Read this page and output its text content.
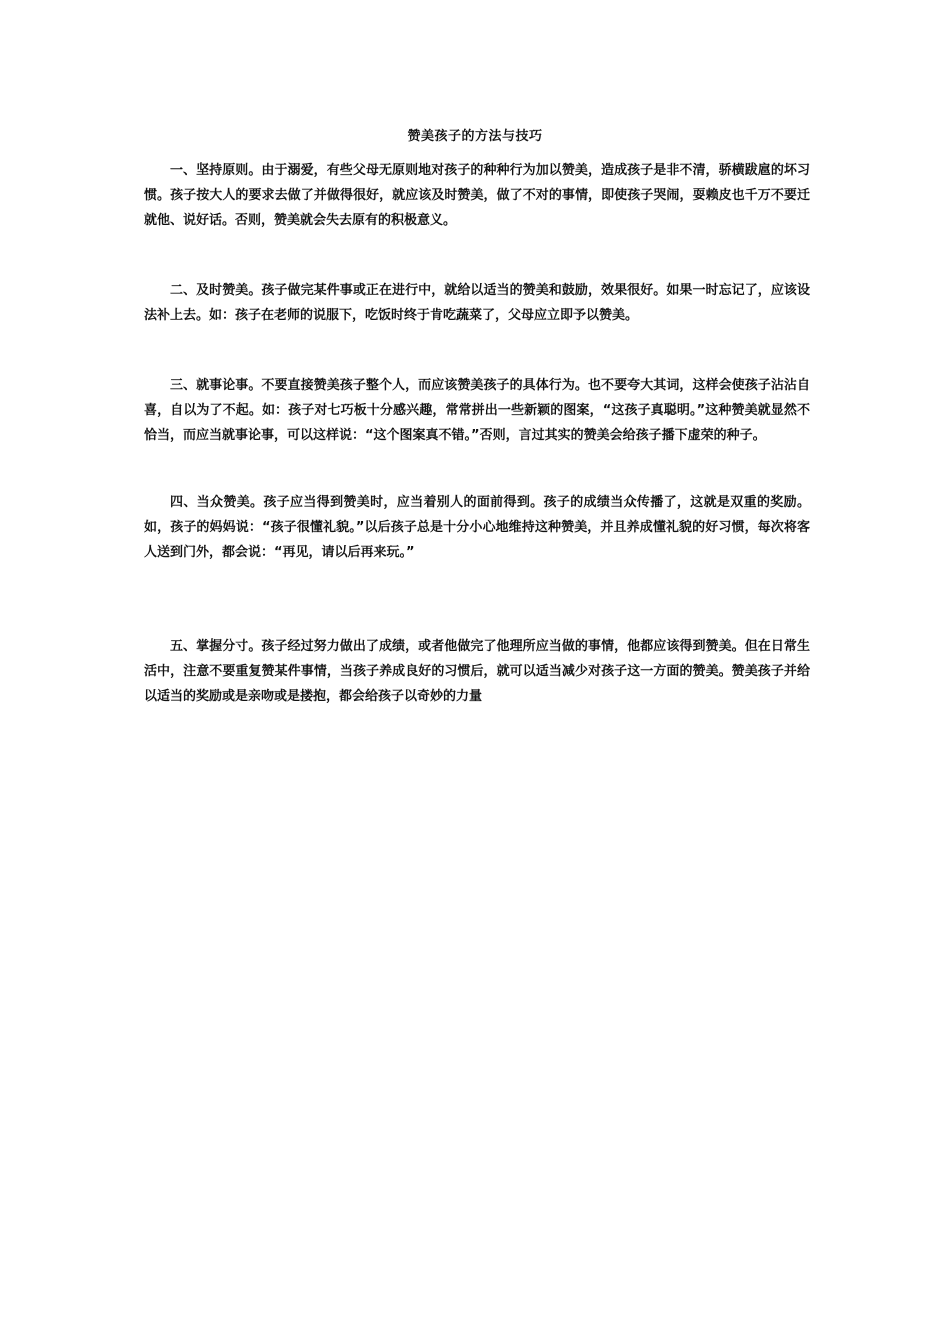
赞美孩子的方法与技巧

一、坚持原则。由于溺爱，有些父母无原则地对孩子的种种行为加以赞美，造成孩子是非不清，骄横跋扈的坏习惯。孩子按大人的要求去做了并做得很好，就应该及时赞美，做了不对的事情，即使孩子哭闹，耍赖皮也千万不要迁就他、说好话。否则，赞美就会失去原有的积极意义。

二、及时赞美。孩子做完某件事或正在进行中，就给以适当的赞美和鼓励，效果很好。如果一时忘记了，应该设法补上去。如：孩子在老师的说服下，吃饭时终于肯吃蔬菜了，父母应立即予以赞美。

三、就事论事。不要直接赞美孩子整个人，而应该赞美孩子的具体行为。也不要夸大其词，这样会使孩子沾沾自喜，自以为了不起。如：孩子对七巧板十分感兴趣，常常拼出一些新颖的图案，“这孩子真聪明。”这种赞美就显然不恰当，而应当就事论事，可以这样说：“这个图案真不错。”否则，言过其实的赞美会给孩子播下虚荣的种子。

四、当众赞美。孩子应当得到赞美时，应当着别人的面前得到。孩子的成绩当众传播了，这就是双重的奖励。如，孩子的妈妈说：“孩子很懂礼貌。”以后孩子总是十分小心地维持这种赞美，并且养成懂礼貌的好习惯，每次将客人送到门外，都会说：“再见，请以后再来玩。”

五、掌握分寸。孩子经过努力做出了成绩，或者他做完了他理所应当做的事情，他都应该得到赞美。但在日常生活中，注意不要重复赞某件事情，当孩子养成良好的习惯后，就可以适当减少对孩子这一方面的赞美。赞美孩子并给以适当的奖励或是亲吻或是搂抱，都会给孩子以奇妙的力量
